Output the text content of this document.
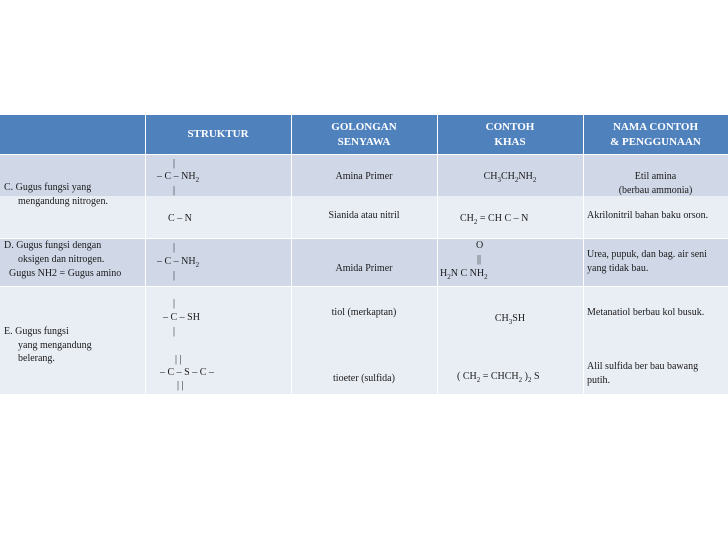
STRUKTUR
GOLONGAN
SENYAWA
CONTOH
KHAS
NAMA CONTOH
& PENGGUNAAN
C. Gugus fungsi yang
mengandung nitrogen.
|
– C – $NH_2$
|
C – N
Amina Primer
Sianida atau nitril
$CH_3CH_2NH_2$
$CH_2$ = CH C – N
Etil amina
(berbau ammonia)
Akrilonitril bahan baku orson.
D. Gugus fungsi dengan
oksigen dan nitrogen.
Gugus NH2 = Gugus amino
|
– C – $NH_2$
|
Amida Primer
O
||
$H_2N$ C $NH_2$
Urea, pupuk, dan bag. air seni
yang tidak bau.
E. Gugus fungsi
yang mengandung
belerang.
|
– C – SH
|
| |
– C – S – C –
| |
tiol (merkaptan)
tioeter (sulfida)
$CH_3SH$
( $CH_2$ = $CHCH_2$ )$_2$ S
Metanatiol berbau kol busuk.
Alil sulfida ber bau bawang
putih.
